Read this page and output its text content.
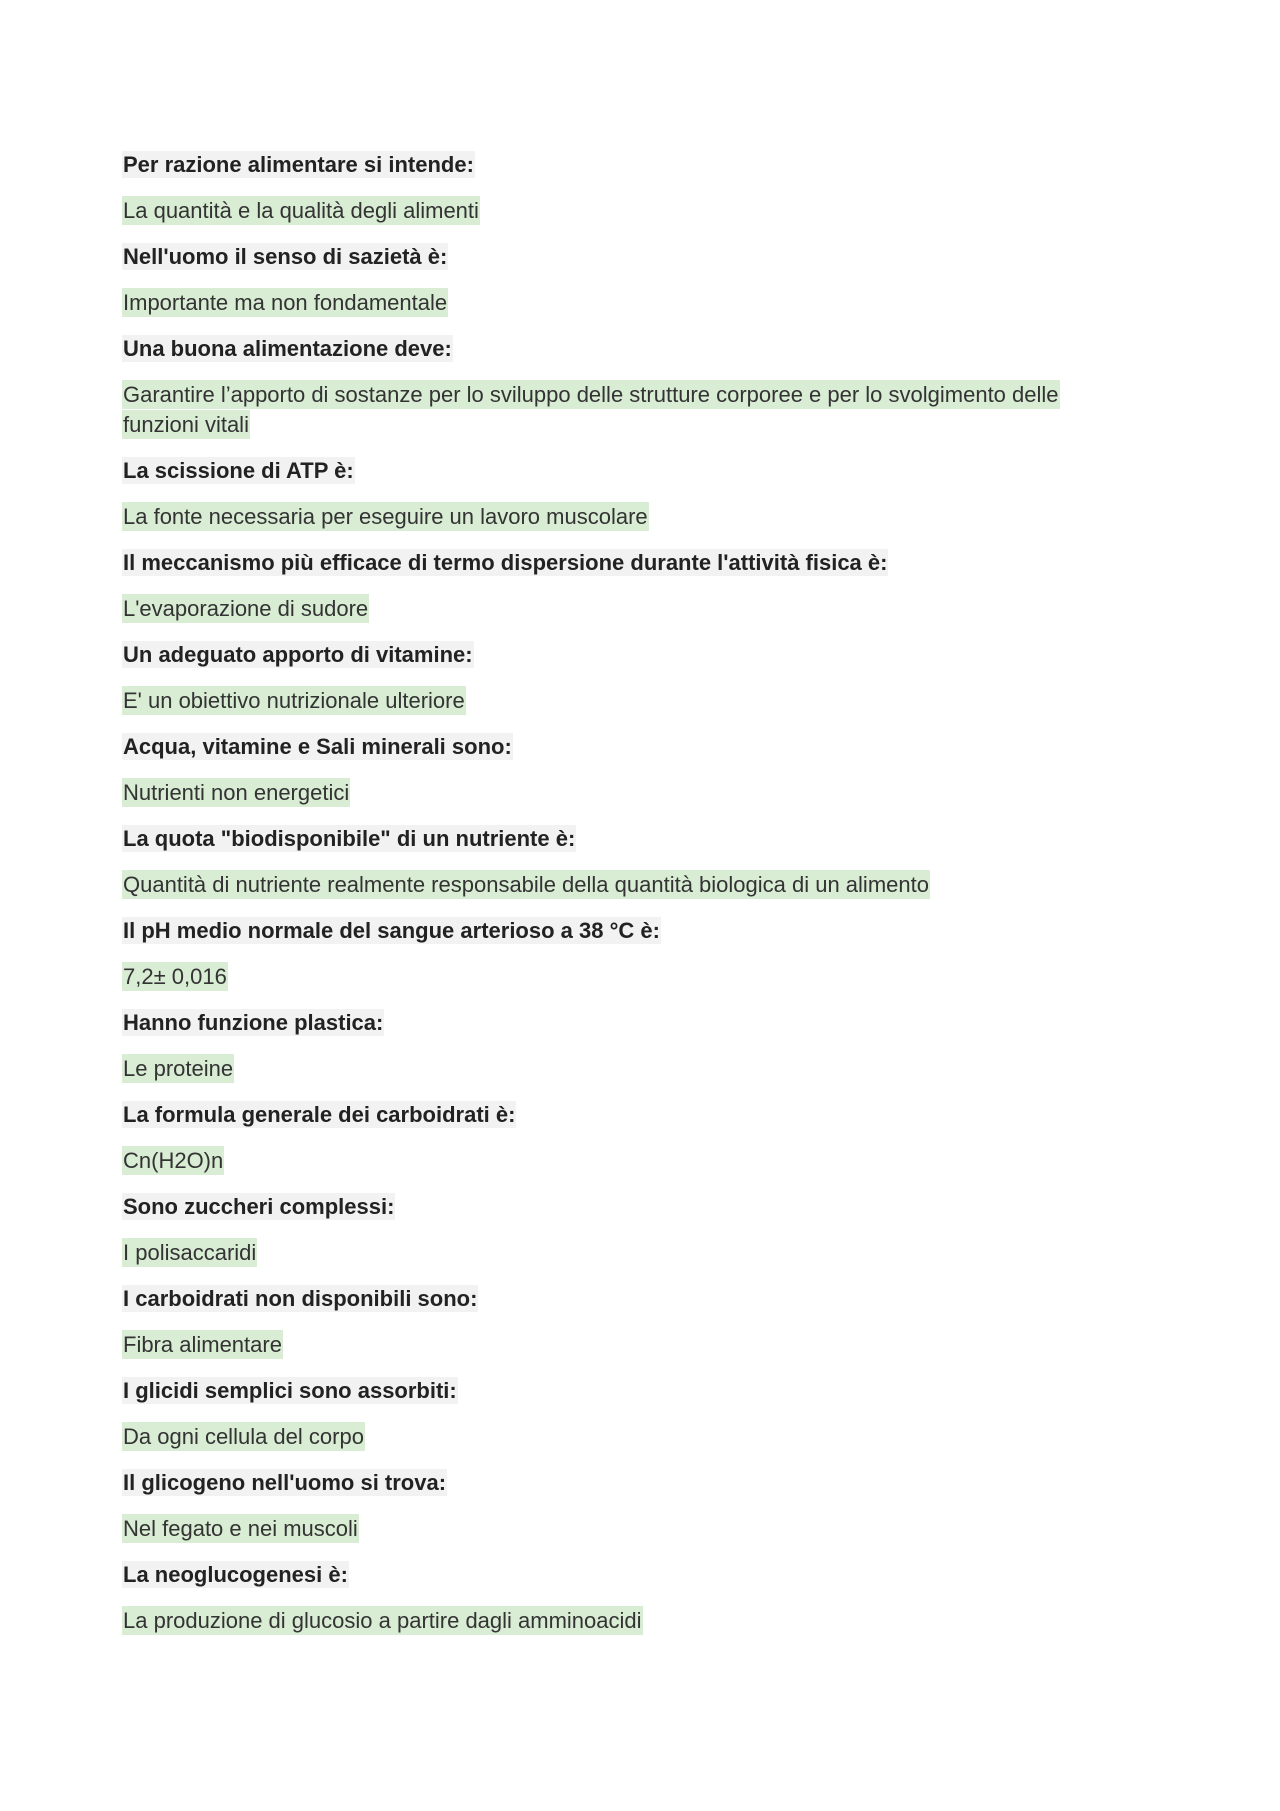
Per razione alimentare si intende:

La quantità e la qualità degli alimenti

Nell'uomo il senso di sazietà è:

Importante ma non fondamentale

Una buona alimentazione deve:

Garantire l’apporto di sostanze per lo sviluppo delle strutture corporee e per lo svolgimento delle funzioni vitali

La scissione di ATP è:

La fonte necessaria per eseguire un lavoro muscolare

Il meccanismo più efficace di termo dispersione durante l'attività fisica è:

L'evaporazione di sudore

Un adeguato apporto di vitamine:

E' un obiettivo nutrizionale ulteriore

Acqua, vitamine e Sali minerali sono:

Nutrienti non energetici

La quota "biodisponibile" di un nutriente è:

Quantità di nutriente realmente responsabile della quantità biologica di un alimento

Il pH medio normale del sangue arterioso a 38 °C è:

7,2± 0,016

Hanno funzione plastica:

Le proteine

La formula generale dei carboidrati è:

Cn(H2O)n

Sono zuccheri complessi:

I polisaccaridi

I carboidrati non disponibili sono:

Fibra alimentare

I glicidi semplici sono assorbiti:

Da ogni cellula del corpo

Il glicogeno nell'uomo si trova:

Nel fegato e nei muscoli

La neoglucogenesi è:

La produzione di glucosio a partire dagli amminoacidi
